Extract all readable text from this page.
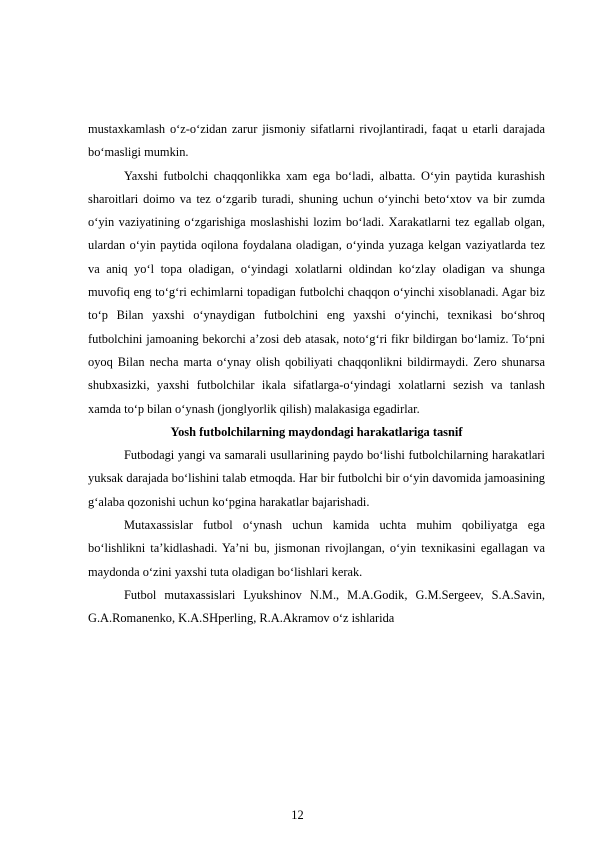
mustaxkamlash o‘z-o‘zidan zarur jismoniy sifatlarni rivojlantiradi, faqat u etarli darajada bo‘masligi mumkin.

Yaxshi futbolchi chaqqonlikka xam ega bo‘ladi, albatta. O‘yin paytida kurashish sharoitlari doimo va tez o‘zgarib turadi, shuning uchun o‘yinchi beto‘xtov va bir zumda o‘yin vaziyatining o‘zgarishiga moslashishi lozim bo‘ladi. Xarakatlarni tez egallab olgan, ulardan o‘yin paytida oqilona foydalana oladigan, o‘yinda yuzaga kelgan vaziyatlarda tez va aniq yo‘l topa oladigan, o‘yindagi xolatlarni oldindan ko‘zlay oladigan va shunga muvofiq eng to‘g‘ri echimlarni topadigan futbolchi chaqqon o‘yinchi xisoblanadi. Agar biz to‘p Bilan yaxshi o‘ynaydigan futbolchini eng yaxshi o‘yinchi, texnikasi bo‘shroq futbolchini jamoaning bekorchi a’zosi deb atasak, noto‘g‘ri fikr bildirgan bo‘lamiz. To‘pni oyoq Bilan necha marta o‘ynay olish qobiliyati chaqqonlikni bildirmaydi. Zero shunarsa shubxasizki, yaxshi futbolchilar ikala sifatlarga-o‘yindagi xolatlarni sezish va tanlash xamda to‘p bilan o‘ynash (jonglyorlik qilish) malakasiga egadirlar.

Yosh futbolchilarning maydondagi harakatlariga tasnif

Futbodagi yangi va samarali usullarining paydo bo‘lishi futbolchilarning harakatlari yuksak darajada bo‘lishini talab etmoqda. Har bir futbolchi bir o‘yin davomida jamoasining g‘alaba qozonishi uchun ko‘pgina harakatlar bajarishadi.

Mutaxassislar futbol o‘ynash uchun kamida uchta muhim qobiliyatga ega bo‘lishlikni ta’kidlashadi. Ya’ni bu, jismonan rivojlangan, o‘yin texnikasini egallagan va maydonda o‘zini yaxshi tuta oladigan bo‘lishlari kerak.

Futbol mutaxassislari Lyukshinov N.M., M.A.Godik, G.M.Sergeev, S.A.Savin, G.A.Romanenko, K.A.SHperling, R.A.Akramov o‘z ishlarida

12
